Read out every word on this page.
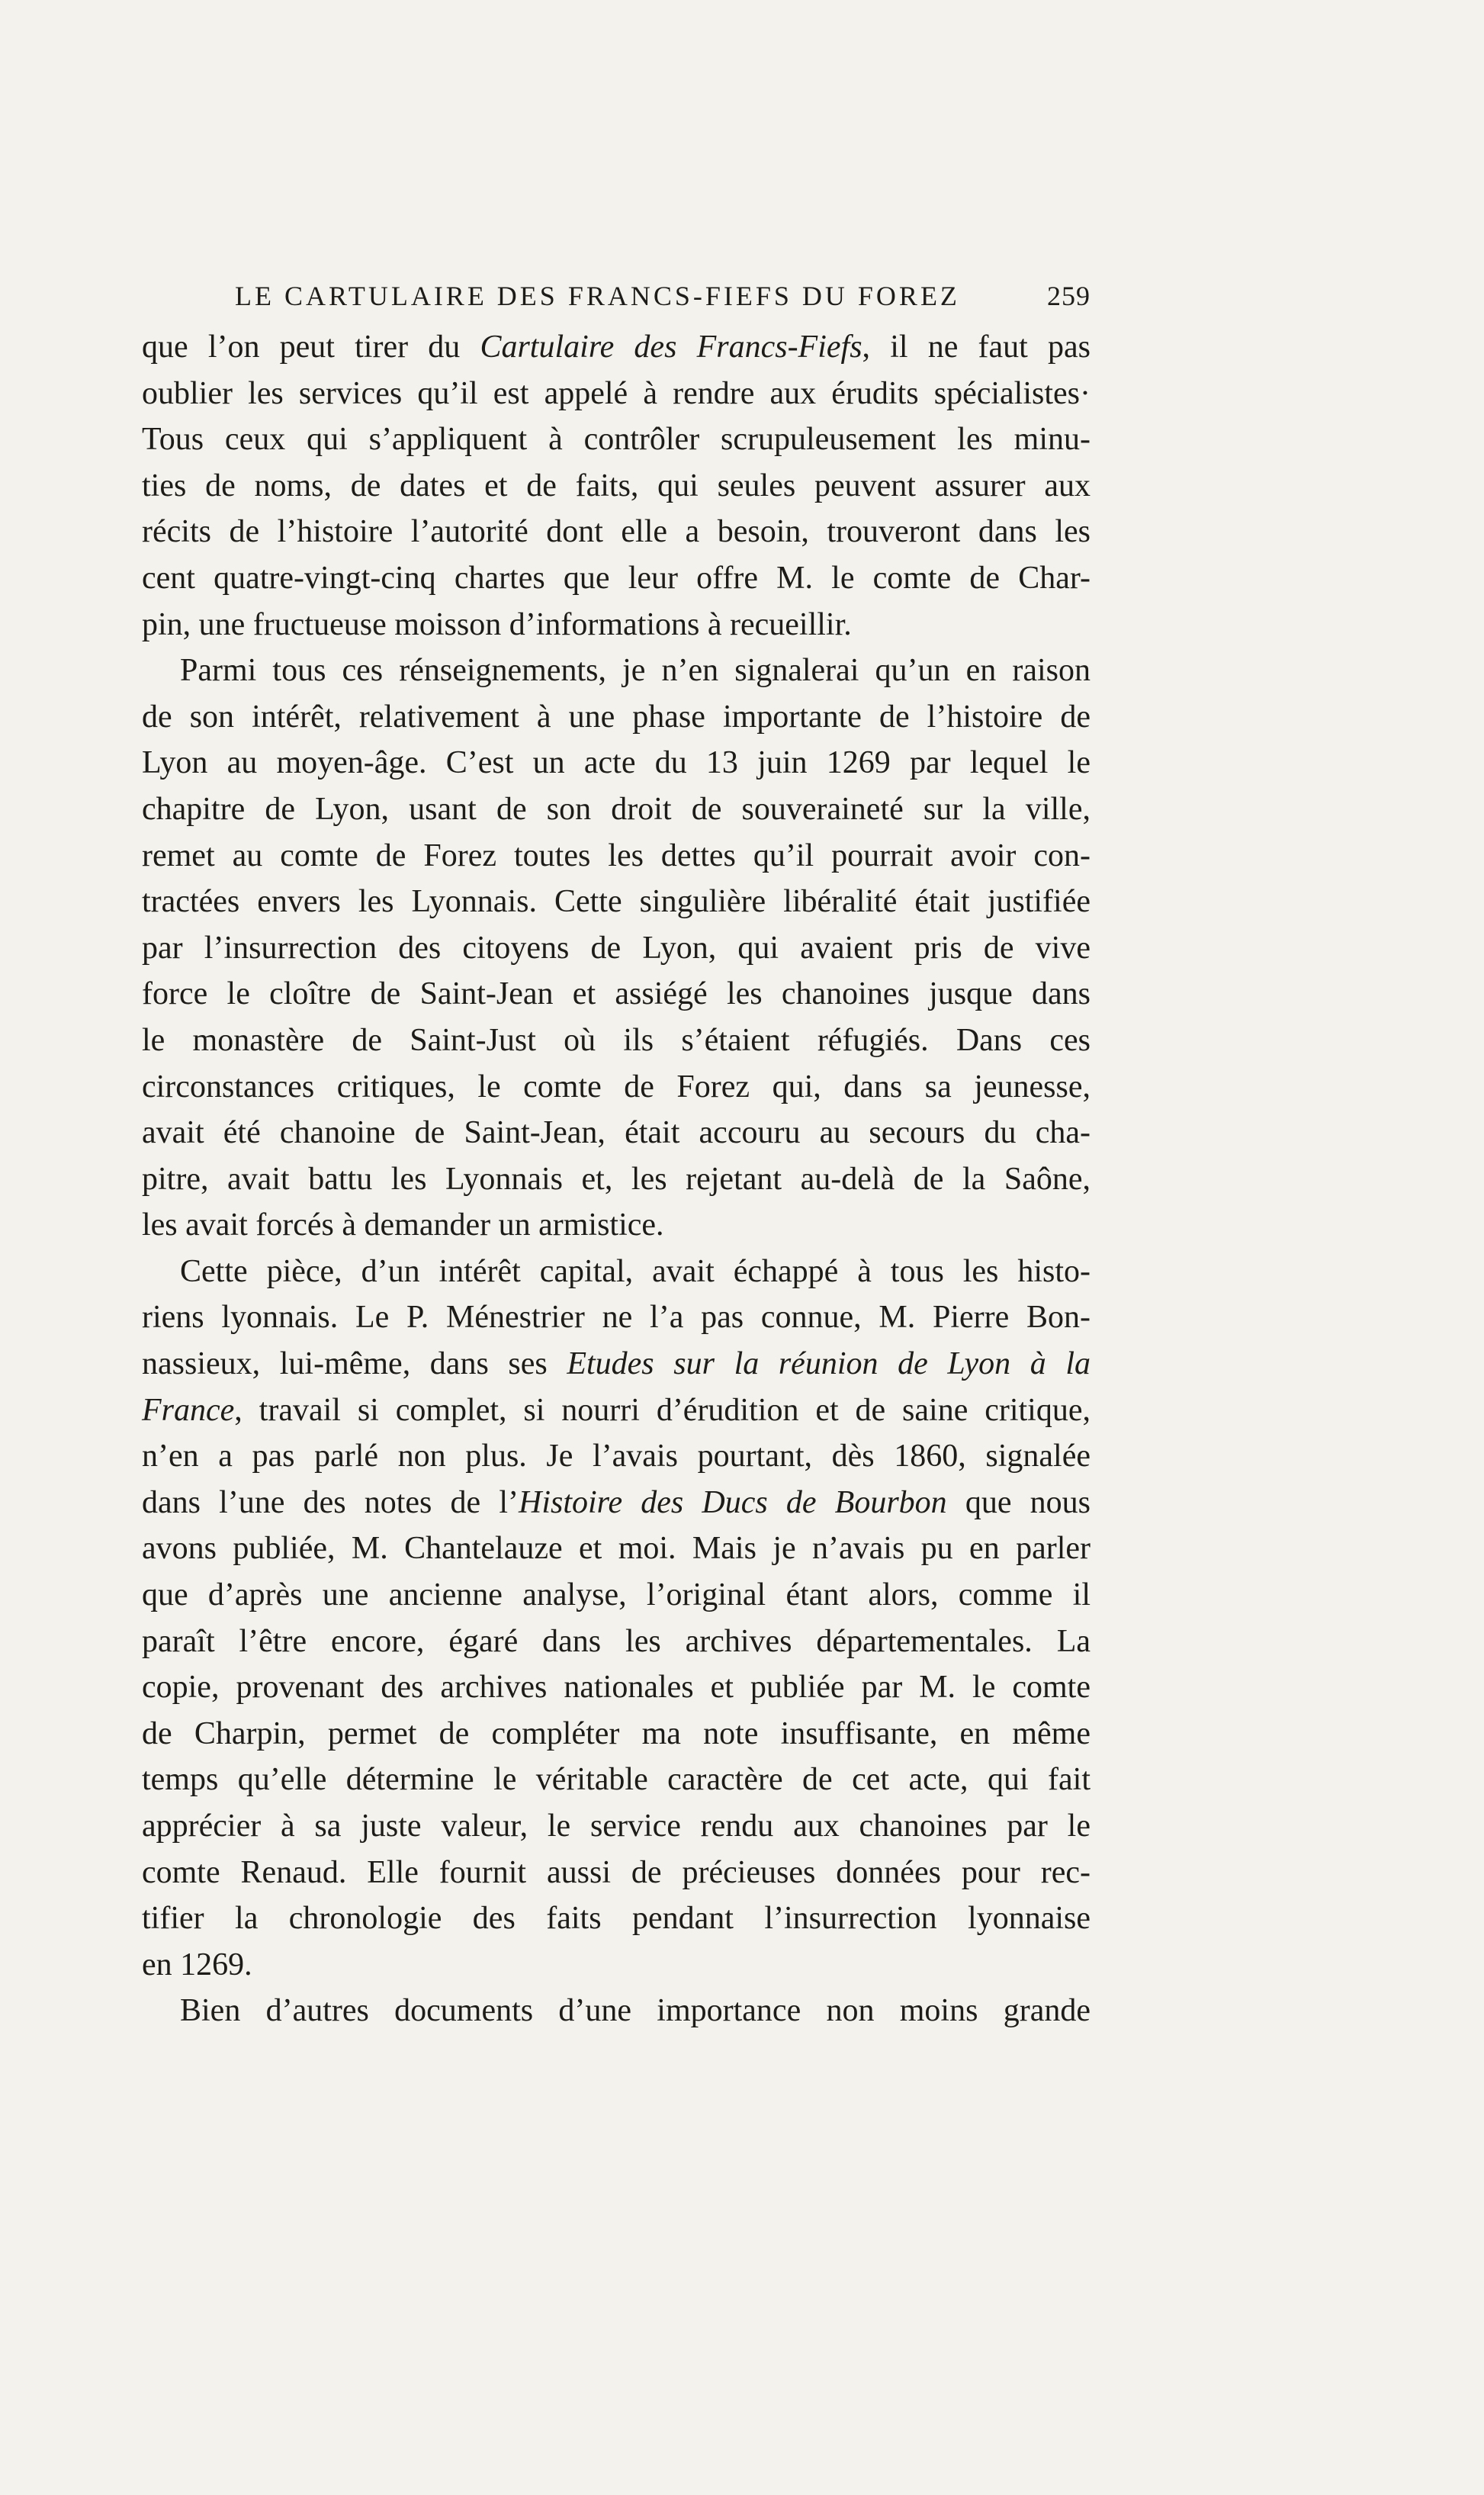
LE CARTULAIRE DES FRANCS-FIEFS DU FOREZ	259
que l’on peut tirer du Cartulaire des Francs-Fiefs, il ne faut pas
oublier les services qu’il est appelé à rendre aux érudits spécialistes·
Tous ceux qui s’appliquent à contrôler scrupuleusement les minu-
ties de noms, de dates et de faits, qui seules peuvent assurer aux
récits de l’histoire l’autorité dont elle a besoin, trouveront dans les
cent quatre-vingt-cinq chartes que leur offre M. le comte de Char-
pin, une fructueuse moisson d’informations à recueillir.
Parmi tous ces rénseignements, je n’en signalerai qu’un en raison
de son intérêt, relativement à une phase importante de l’histoire de
Lyon au moyen-âge. C’est un acte du 13 juin 1269 par lequel le
chapitre de Lyon, usant de son droit de souveraineté sur la ville,
remet au comte de Forez toutes les dettes qu’il pourrait avoir con-
tractées envers les Lyonnais. Cette singulière libéralité était justifiée
par l’insurrection des citoyens de Lyon, qui avaient pris de vive
force le cloître de Saint-Jean et assiégé les chanoines jusque dans
le monastère de Saint-Just où ils s’étaient réfugiés. Dans ces
circonstances critiques, le comte de Forez qui, dans sa jeunesse,
avait été chanoine de Saint-Jean, était accouru au secours du cha-
pitre, avait battu les Lyonnais et, les rejetant au-delà de la Saône,
les avait forcés à demander un armistice.
Cette pièce, d’un intérêt capital, avait échappé à tous les histo-
riens lyonnais. Le P. Ménestrier ne l’a pas connue, M. Pierre Bon-
nassieux, lui-même, dans ses Etudes sur la réunion de Lyon à la
France, travail si complet, si nourri d’érudition et de saine critique,
n’en a pas parlé non plus. Je l’avais pourtant, dès 1860, signalée
dans l’une des notes de l’Histoire des Ducs de Bourbon que nous
avons publiée, M. Chantelauze et moi. Mais je n’avais pu en parler
que d’après une ancienne analyse, l’original étant alors, comme il
paraît l’être encore, égaré dans les archives départementales. La
copie, provenant des archives nationales et publiée par M. le comte
de Charpin, permet de compléter ma note insuffisante, en même
temps qu’elle détermine le véritable caractère de cet acte, qui fait
apprécier à sa juste valeur, le service rendu aux chanoines par le
comte Renaud. Elle fournit aussi de précieuses données pour rec-
tifier la chronologie des faits pendant l’insurrection lyonnaise
en 1269.
Bien d’autres documents d’une importance non moins grande
